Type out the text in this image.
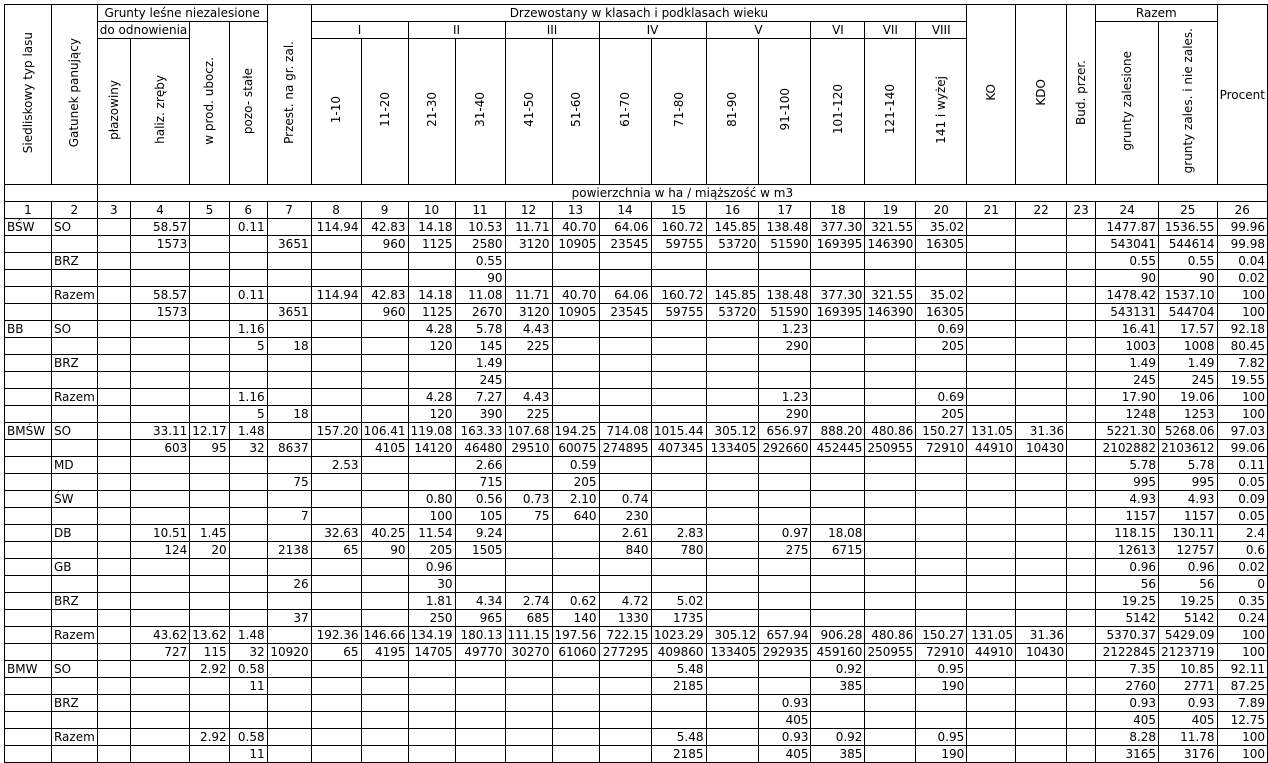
Siedliskowy typ lasu	Gatunek panujący	Grunty leśne niezalesione				Przest. na gr. zal.	Drzewostany w klasach i podklasach wieku													KO	KDO	Bud. przer.	Razem		Procent
		do odnowienia		w prod. ubocz.	pozo- stałe		I		II		III		IV		V		VI	VII	VIII				grunty zalesione	grunty zales. i nie zales.	
		płazowiny	haliz. zręby				1-10	11-20	21-30	31-40	41-50	51-60	61-70	71-80	81-90	91-100	101-120	121-140	141 i wyżej						
		powierzchnia w ha / miąższość w m3																							
1	2	3	4	5	6	7	8	9	10	11	12	13	14	15	16	17	18	19	20	21	22	23	24	25	26
BŚW	SO		58.57		0.11		114.94	42.83	14.18	10.53	11.71	40.70	64.06	160.72	145.85	138.48	377.30	321.55	35.02				1477.87	1536.55	99.96
			1573			3651		960	1125	2580	3120	10905	23545	59755	53720	51590	169395	146390	16305				543041	544614	99.98
	BRZ									0.55													0.55	0.55	0.04
										90													90	90	0.02
	Razem		58.57		0.11		114.94	42.83	14.18	11.08	11.71	40.70	64.06	160.72	145.85	138.48	377.30	321.55	35.02				1478.42	1537.10	100
			1573			3651		960	1125	2670	3120	10905	23545	59755	53720	51590	169395	146390	16305				543131	544704	100
BB	SO				1.16				4.28	5.78	4.43					1.23			0.69				16.41	17.57	92.18
					5	18			120	145	225					290			205				1003	1008	80.45
	BRZ									1.49													1.49	1.49	7.82
										245													245	245	19.55
	Razem				1.16				4.28	7.27	4.43					1.23			0.69				17.90	19.06	100
					5	18			120	390	225					290			205				1248	1253	100
BMŚW	SO		33.11	12.17	1.48		157.20	106.41	119.08	163.33	107.68	194.25	714.08	1015.44	305.12	656.97	888.20	480.86	150.27	131.05	31.36		5221.30	5268.06	97.03
			603	95	32	8637		4105	14120	46480	29510	60075	274895	407345	133405	292660	452445	250955	72910	44910	10430		2102882	2103612	99.06
	MD						2.53			2.66		0.59											5.78	5.78	0.11
						75				715		205											995	995	0.05
	ŚW								0.80	0.56	0.73	2.10	0.74										4.93	4.93	0.09
						7			100	105	75	640	230										1157	1157	0.05
	DB		10.51	1.45			32.63	40.25	11.54	9.24			2.61	2.83		0.97	18.08						118.15	130.11	2.4
			124	20		2138	65	90	205	1505			840	780		275	6715						12613	12757	0.6
	GB								0.96														0.96	0.96	0.02
						26			30														56	56	0
	BRZ								1.81	4.34	2.74	0.62	4.72	5.02									19.25	19.25	0.35
						37			250	965	685	140	1330	1735									5142	5142	0.24
	Razem		43.62	13.62	1.48		192.36	146.66	134.19	180.13	111.15	197.56	722.15	1023.29	305.12	657.94	906.28	480.86	150.27	131.05	31.36		5370.37	5429.09	100
			727	115	32	10920	65	4195	14705	49770	30270	61060	277295	409860	133405	292935	459160	250955	72910	44910	10430		2122845	2123719	100
BMW	SO			2.92	0.58									5.48			0.92		0.95				7.35	10.85	92.11
					11									2185			385		190				2760	2771	87.25
	BRZ															0.93							0.93	0.93	7.89
																405							405	405	12.75
	Razem			2.92	0.58									5.48		0.93	0.92		0.95				8.28	11.78	100
					11									2185		405	385		190				3165	3176	100
